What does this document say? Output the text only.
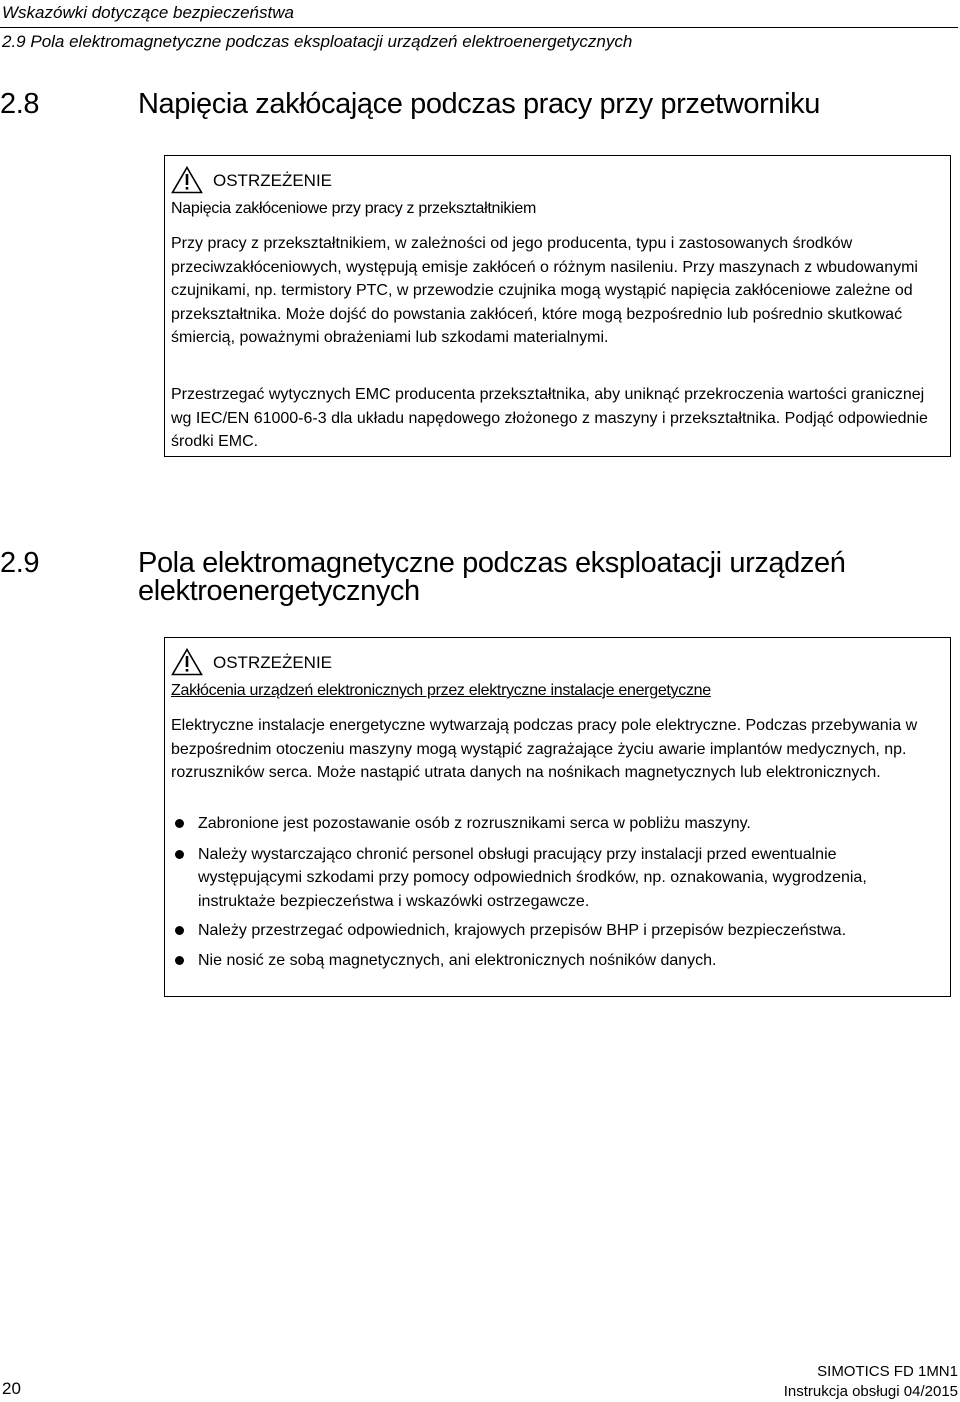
Wskazówki dotyczące bezpieczeństwa
2.9 Pola elektromagnetyczne podczas eksploatacji urządzeń elektroenergetycznych
2.8	Napięcia zakłócające podczas pracy przy przetworniku
OSTRZEŻENIE
Napięcia zakłóceniowe przy pracy z przekształtnikiem

Przy pracy z przekształtnikiem, w zależności od jego producenta, typu i zastosowanych środków przeciwzakłóceniowych, występują emisje zakłóceń o różnym nasileniu. Przy maszynach z wbudowanymi czujnikami, np. termistory PTC, w przewodzie czujnika mogą wystąpić napięcia zakłóceniowe zależne od przekształtnika. Może dojść do powstania zakłóceń, które mogą bezpośrednio lub pośrednio skutkować śmiercią, poważnymi obrażeniami lub szkodami materialnymi.

Przestrzegać wytycznych EMC producenta przekształtnika, aby uniknąć przekroczenia wartości granicznej wg IEC/EN 61000-6-3 dla układu napędowego złożonego z maszyny i przekształtnika. Podjąć odpowiednie środki EMC.

2.9	Pola elektromagnetyczne podczas eksploatacji urządzeń elektroenergetycznych
OSTRZEŻENIE
Zakłócenia urządzeń elektronicznych przez elektryczne instalacje energetyczne

Elektryczne instalacje energetyczne wytwarzają podczas pracy pole elektryczne. Podczas przebywania w bezpośrednim otoczeniu maszyny mogą wystąpić zagrażające życiu awarie implantów medycznych, np. rozruszników serca. Może nastąpić utrata danych na nośnikach magnetycznych lub elektronicznych.

Zabronione jest pozostawanie osób z rozrusznikami serca w pobliżu maszyny.
Należy wystarczająco chronić personel obsługi pracujący przy instalacji przed ewentualnie występującymi szkodami przy pomocy odpowiednich środków, np. oznakowania, wygrodzenia, instruktaże bezpieczeństwa i wskazówki ostrzegawcze.
Należy przestrzegać odpowiednich, krajowych przepisów BHP i przepisów bezpieczeństwa.
Nie nosić ze sobą magnetycznych, ani elektronicznych nośników danych.
20
SIMOTICS FD 1MN1
Instrukcja obsługi 04/2015
